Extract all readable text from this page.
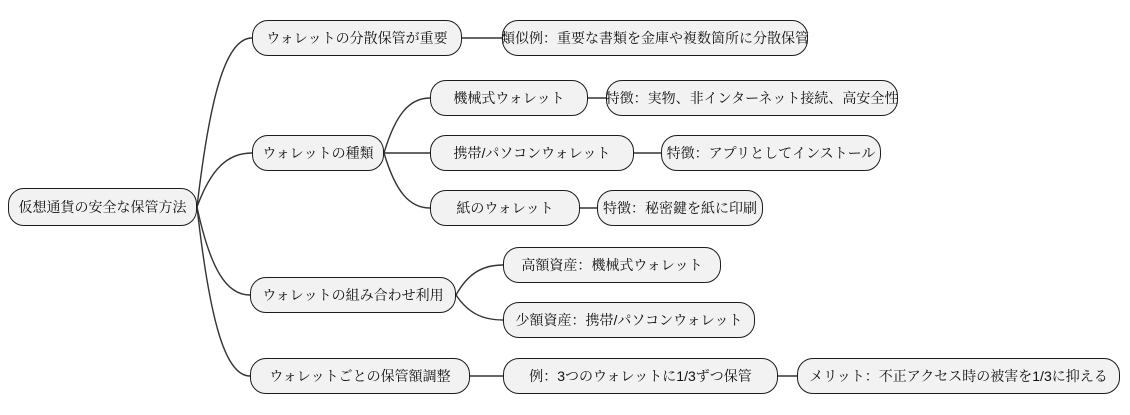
仮想通貨の安全な保管方法
ウォレットの分散保管が重要	類似例：重要な書類を金庫や複数箇所に分散保管
ウォレットの種類
機械式ウォレット	特徴：実物、非インターネット接続、高安全性
携帯/パソコンウォレット	特徴：アプリとしてインストール
紙のウォレット	特徴：秘密鍵を紙に印刷
ウォレットの組み合わせ利用
高額資産：機械式ウォレット
少額資産：携帯/パソコンウォレット
ウォレットごとの保管額調整	例：3つのウォレットに1/3ずつ保管	メリット：不正アクセス時の被害を1/3に抑える
